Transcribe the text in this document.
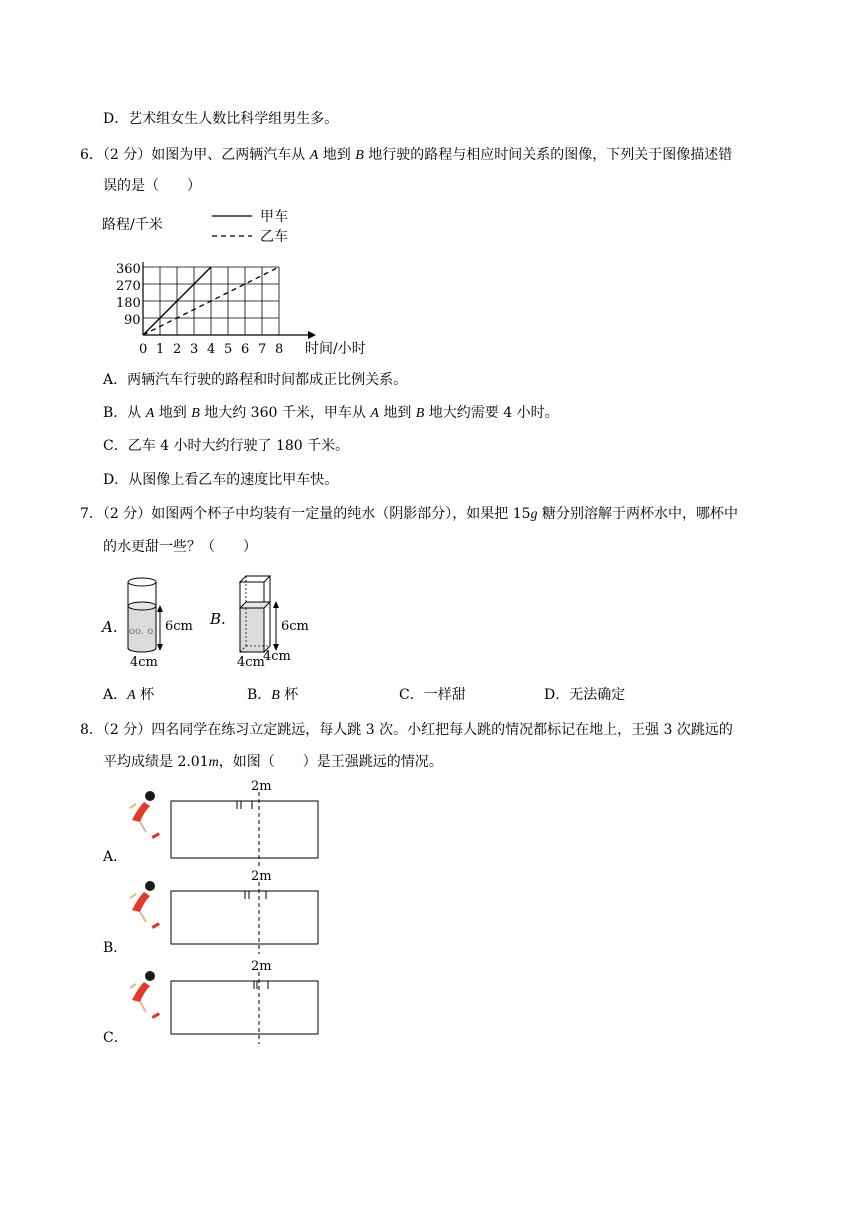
D．艺术组女生人数比科学组男生多。
6．（2 分）如图为甲、乙两辆汽车从 A 地到 B 地行驶的路程与相应时间关系的图像，下列关于图像描述错
误的是（　　）
路程/千米	甲车
乙车
360
270
180
90
0 1 2 3 4 5 6 7 8 时间/小时
A．两辆汽车行驶的路程和时间都成正比例关系。
B．从 A 地到 B 地大约 360 千米，甲车从 A 地到 B 地大约需要 4 小时。
C．乙车 4 小时大约行驶了 180 千米。
D．从图像上看乙车的速度比甲车快。
7．（2 分）如图两个杯子中均装有一定量的纯水（阴影部分），如果把 15g 糖分别溶解于两杯水中，哪杯中
的水更甜一些？（　　）
A. oo. o 6cm
4cm
B.	6cm
4cm
4cm
A．A 杯	B．B 杯	C．一样甜	D．无法确定
8．（2 分）四名同学在练习立定跳远，每人跳 3 次。小红把每人跳的情况都标记在地上，王强 3 次跳远的
平均成绩是 2.01m，如图（　　）是王强跳远的情况。
2m
A．
2m
B．
2m
C．
